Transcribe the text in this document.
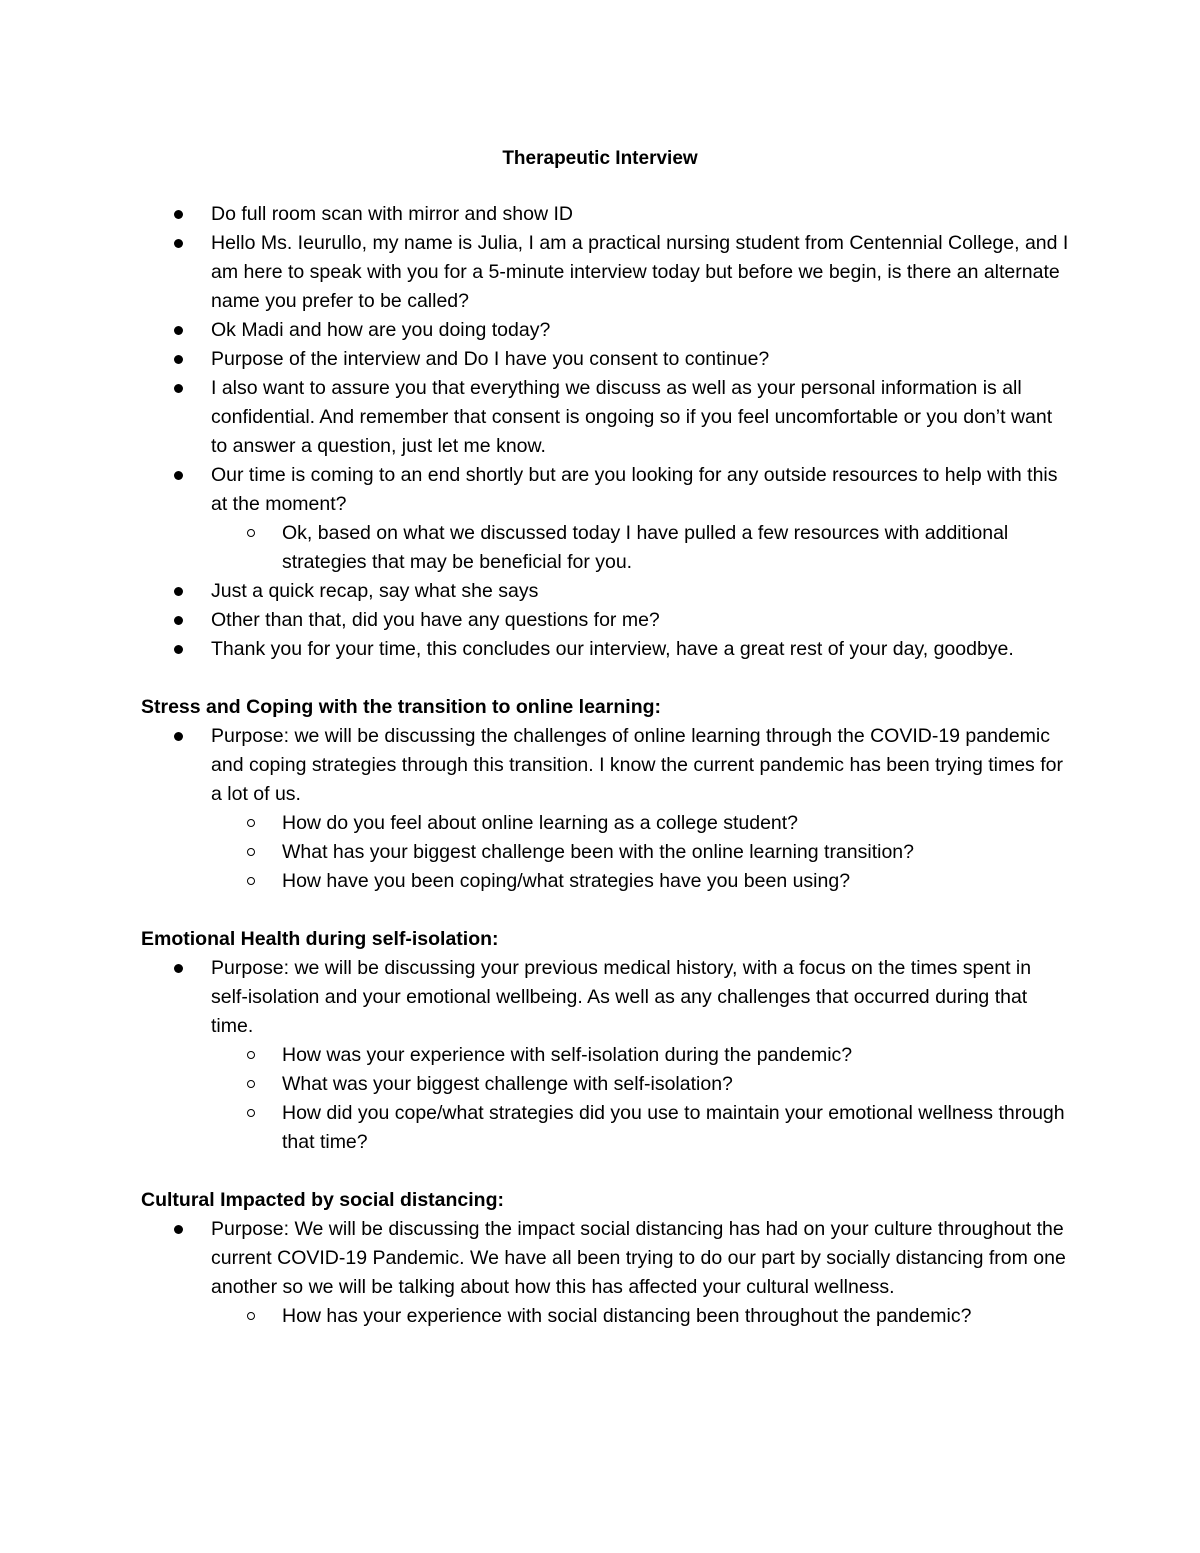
Therapeutic Interview
Do full room scan with mirror and show ID
Hello Ms. Ieurullo, my name is Julia, I am a practical nursing student from Centennial College, and I am here to speak with you for a 5-minute interview today but before we begin, is there an alternate name you prefer to be called?
Ok Madi and how are you doing today?
Purpose of the interview and Do I have you consent to continue?
I also want to assure you that everything we discuss as well as your personal information is all confidential. And remember that consent is ongoing so if you feel uncomfortable or you don’t want to answer a question, just let me know.
Our time is coming to an end shortly but are you looking for any outside resources to help with this at the moment?
Ok, based on what we discussed today I have pulled a few resources with additional strategies that may be beneficial for you.
Just a quick recap, say what she says
Other than that, did you have any questions for me?
Thank you for your time, this concludes our interview, have a great rest of your day, goodbye.

Stress and Coping with the transition to online learning:

Purpose: we will be discussing the challenges of online learning through the COVID-19 pandemic and coping strategies through this transition. I know the current pandemic has been trying times for a lot of us.
How do you feel about online learning as a college student?
What has your biggest challenge been with the online learning transition?
How have you been coping/what strategies have you been using?

Emotional Health during self-isolation:

Purpose: we will be discussing your previous medical history, with a focus on the times spent in self-isolation and your emotional wellbeing. As well as any challenges that occurred during that time.
How was your experience with self-isolation during the pandemic?
What was your biggest challenge with self-isolation?
How did you cope/what strategies did you use to maintain your emotional wellness through that time?

Cultural Impacted by social distancing:

Purpose: We will be discussing the impact social distancing has had on your culture throughout the current COVID-19 Pandemic. We have all been trying to do our part by socially distancing from one another so we will be talking about how this has affected your cultural wellness.
How has your experience with social distancing been throughout the pandemic?
